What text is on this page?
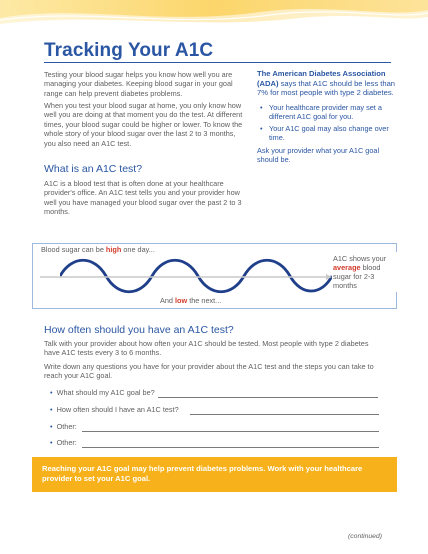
Tracking Your A1C

Testing your blood sugar helps you know how well you are managing your diabetes. Keeping blood sugar in your goal range can help prevent diabetes problems.

When you test your blood sugar at home, you only know how well you are doing at that moment you do the test. At different times, your blood sugar could be higher or lower. To know the whole story of your blood sugar over the last 2 to 3 months, you also need an A1C test.

What is an A1C test?

A1C is a blood test that is often done at your healthcare provider's office. An A1C test tells you and your provider how well you have managed your blood sugar over the past 2 to 3 months.

The American Diabetes Association (ADA) says that A1C should be less than 7% for most people with type 2 diabetes.

• Your healthcare provider may set a different A1C goal for you.
• Your A1C goal may also change over time.

Ask your provider what your A1C goal should be.

Blood sugar can be high one day...

And low the next...

A1C shows your average blood sugar for 2-3 months

How often should you have an A1C test?

Talk with your provider about how often your A1C should be tested. Most people with type 2 diabetes have A1C tests every 3 to 6 months.

Write down any questions you have for your provider about the A1C test and the steps you can take to reach your A1C goal.

• What should my A1C goal be?
• How often should I have an A1C test?
• Other:
• Other:

Reaching your A1C goal may help prevent diabetes problems. Work with your healthcare provider to set your A1C goal.

(continued)
